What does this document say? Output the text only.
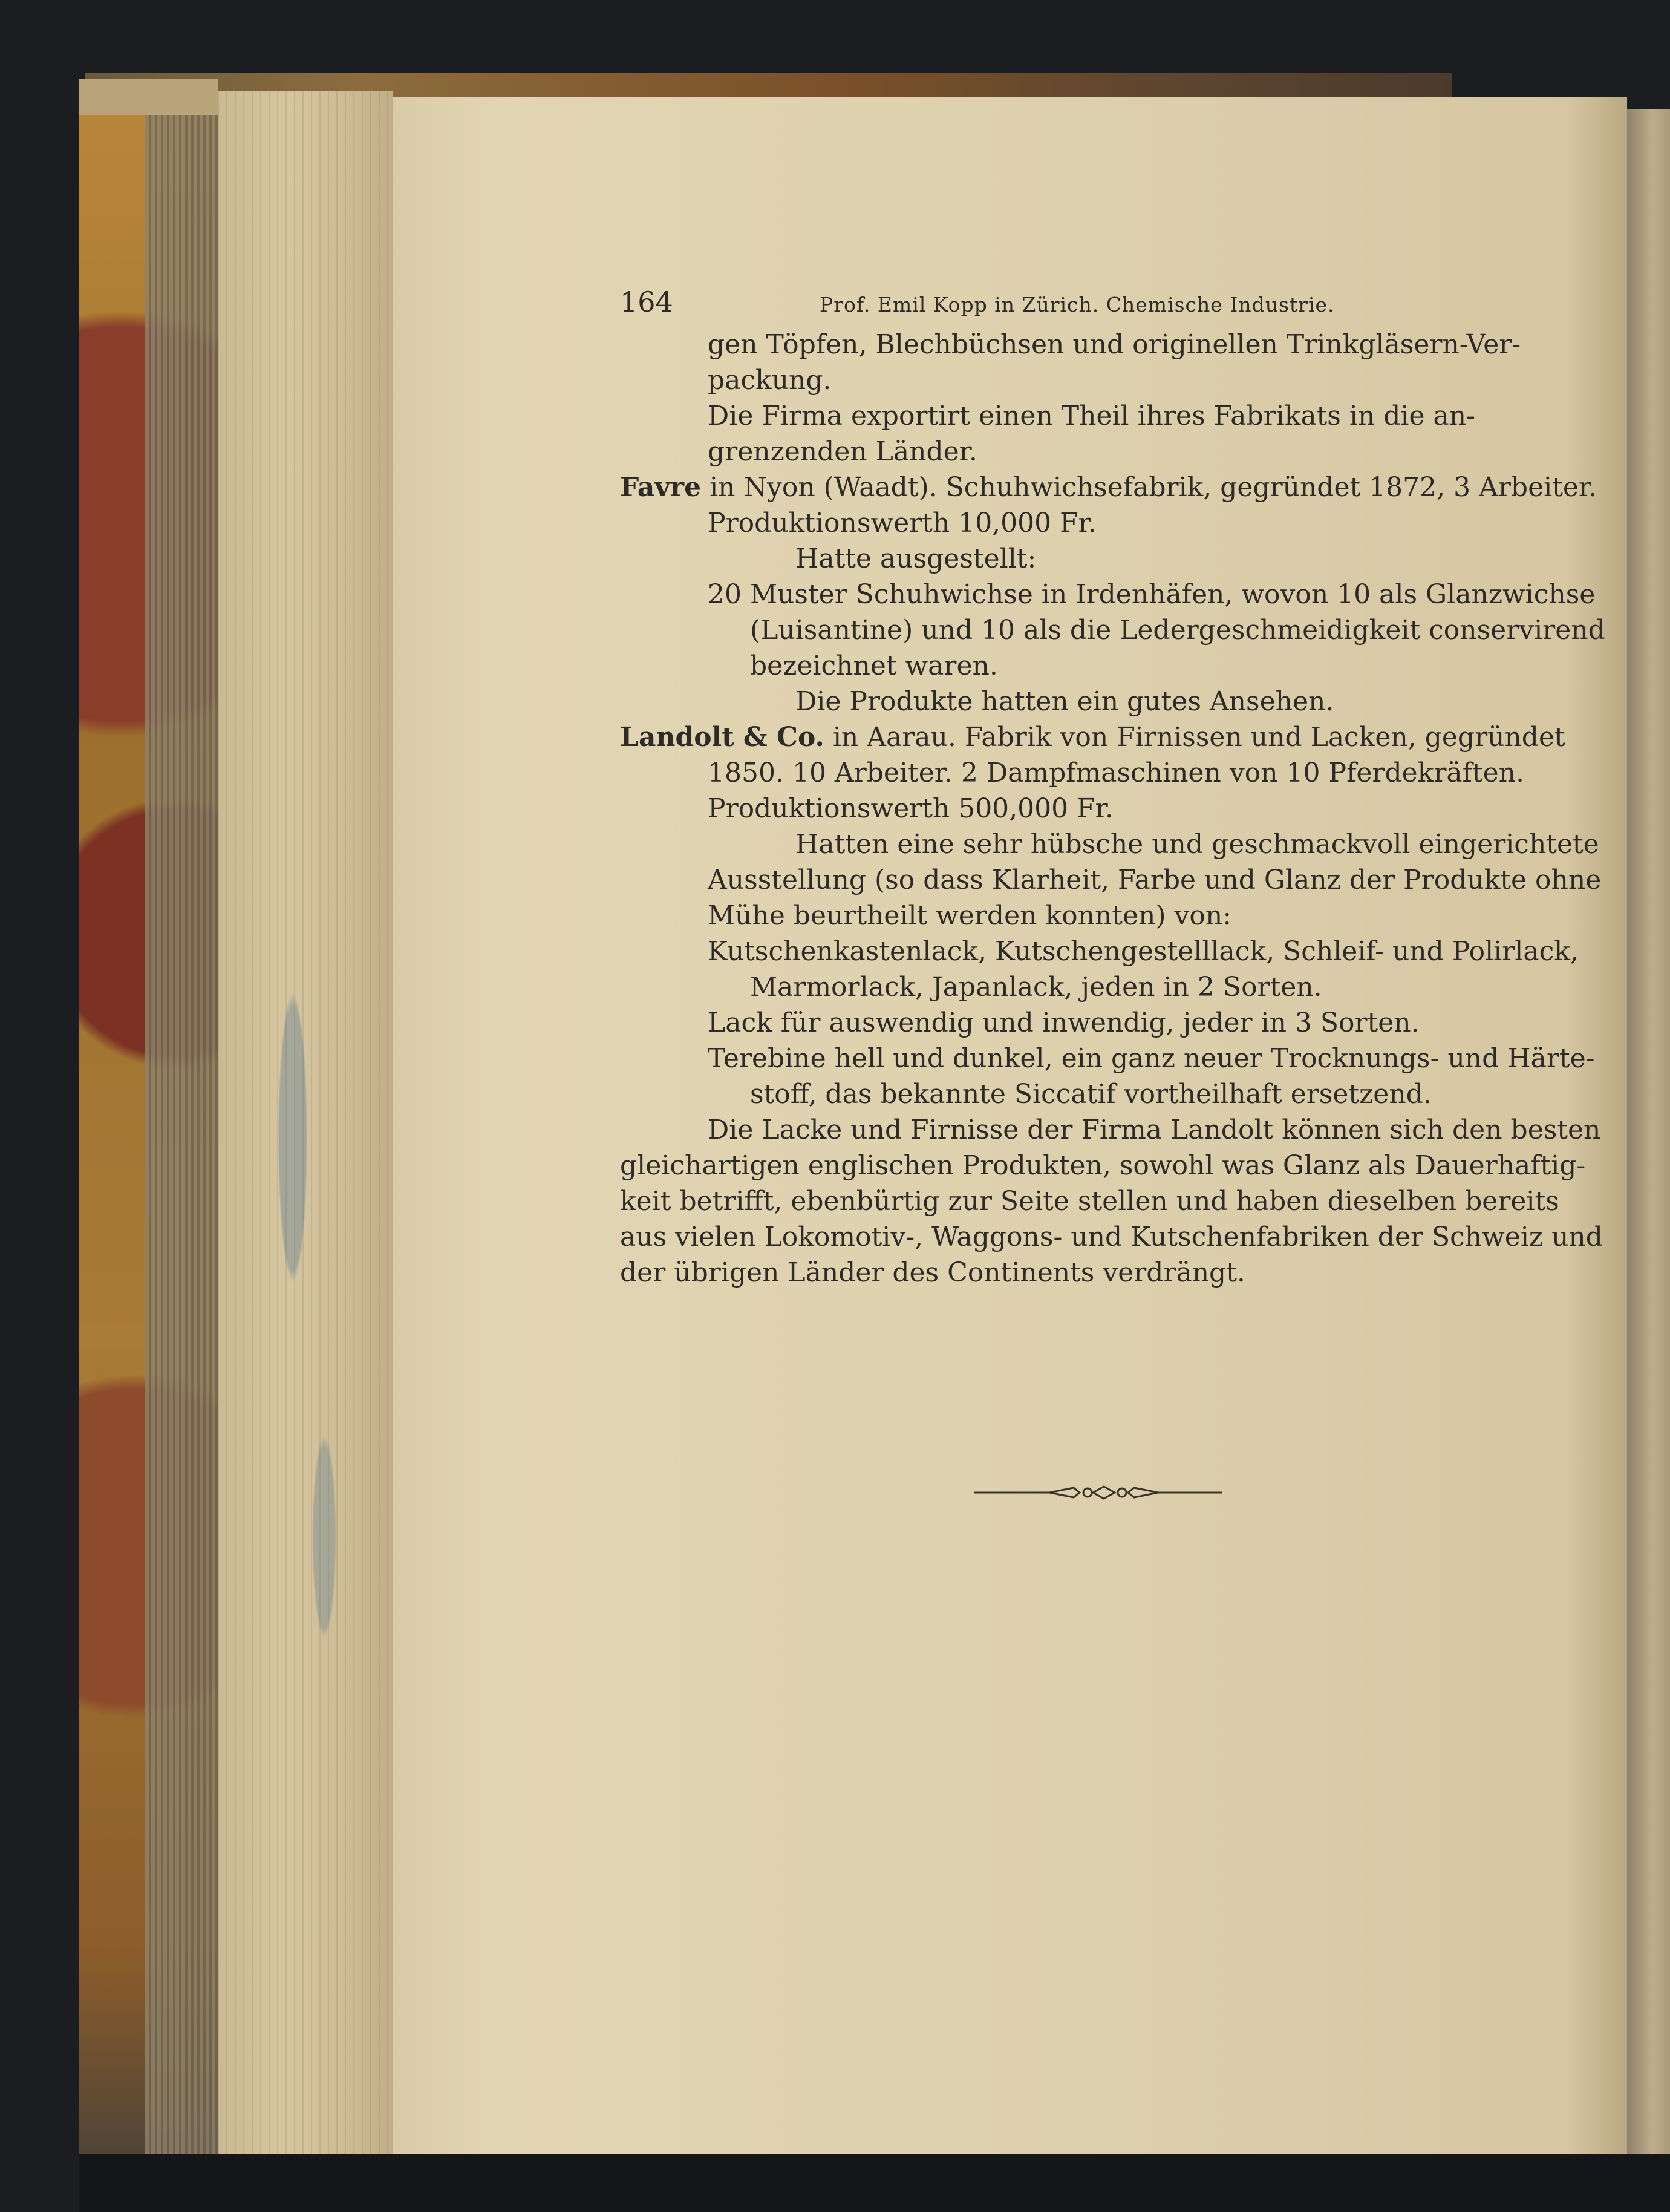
164	Prof. Emil Kopp in Zürich. Chemische Industrie.
gen Töpfen, Blechbüchsen und originellen Trinkgläsern-Ver-
packung.
Die Firma exportirt einen Theil ihres Fabrikats in die an-
grenzenden Länder.
Favre in Nyon (Waadt). Schuhwichsefabrik, gegründet 1872, 3 Arbeiter.
Produktionswerth 10,000 Fr.
Hatte ausgestellt:
20 Muster Schuhwichse in Irdenhäfen, wovon 10 als Glanzwichse
(Luisantine) und 10 als die Ledergeschmeidigkeit conservirend
bezeichnet waren.
Die Produkte hatten ein gutes Ansehen.
Landolt & Co. in Aarau. Fabrik von Firnissen und Lacken, gegründet
1850. 10 Arbeiter. 2 Dampfmaschinen von 10 Pferdekräften.
Produktionswerth 500,000 Fr.
Hatten eine sehr hübsche und geschmackvoll eingerichtete
Ausstellung (so dass Klarheit, Farbe und Glanz der Produkte ohne
Mühe beurtheilt werden konnten) von:
Kutschenkastenlack, Kutschengestelllack, Schleif- und Polirlack,
Marmorlack, Japanlack, jeden in 2 Sorten.
Lack für auswendig und inwendig, jeder in 3 Sorten.
Terebine hell und dunkel, ein ganz neuer Trocknungs- und Härte-
stoff, das bekannte Siccatif vortheilhaft ersetzend.
Die Lacke und Firnisse der Firma Landolt können sich den besten
gleichartigen englischen Produkten, sowohl was Glanz als Dauerhaftig-
keit betrifft, ebenbürtig zur Seite stellen und haben dieselben bereits
aus vielen Lokomotiv-, Waggons- und Kutschenfabriken der Schweiz und
der übrigen Länder des Continents verdrängt.
